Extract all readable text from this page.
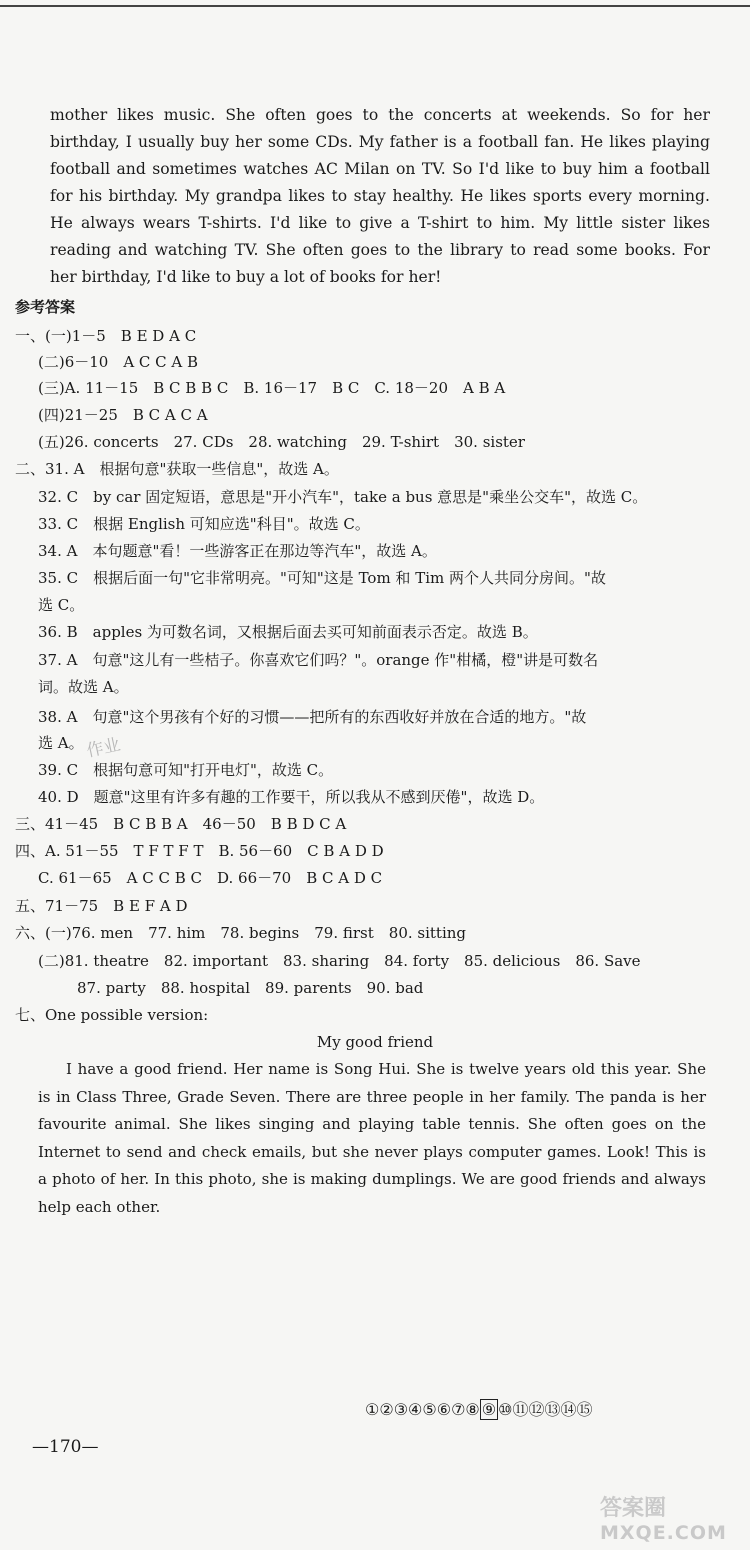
mother likes music. She often goes to the concerts at weekends. So for her birthday, I usually buy her some CDs. My father is a football fan. He likes playing football and sometimes watches AC Milan on TV. So I'd like to buy him a football for his birthday. My grandpa likes to stay healthy. He likes sports every morning. He always wears T-shirts. I'd like to give a T-shirt to him. My little sister likes reading and watching TV. She often goes to the library to read some books. For her birthday, I'd like to buy a lot of books for her!

参考答案
一、(一)1－5　B E D A C
(二)6－10　A C C A B
(三)A. 11－15　B C B B C　B. 16－17　B C　C. 18－20　A B A
(四)21－25　B C A C A
(五)26. concerts　27. CDs　28. watching　29. T-shirt　30. sister
二、31. A　根据句意"获取一些信息"，故选 A。
32. C　by car 固定短语，意思是"开小汽车"，take a bus 意思是"乘坐公交车"，故选 C。
33. C　根据 English 可知应选"科目"。故选 C。
34. A　本句题意"看！一些游客正在那边等汽车"，故选 A。
35. C　根据后面一句"它非常明亮。"可知"这是 Tom 和 Tim 两个人共同分房间。"故
选 C。
36. B　apples 为可数名词，又根据后面去买可知前面表示否定。故选 B。
37. A　句意"这儿有一些桔子。你喜欢它们吗？"。orange 作"柑橘，橙"讲是可数名
词。故选 A。
38. A　句意"这个男孩有个好的习惯——把所有的东西收好并放在合适的地方。"故
选 A。
39. C　根据句意可知"打开电灯"，故选 C。
40. D　题意"这里有许多有趣的工作要干，所以我从不感到厌倦"，故选 D。
三、41－45　B C B B A　46－50　B B D C A
四、A. 51－55　T F T F T　B. 56－60　C B A D D
C. 61－65　A C C B C　D. 66－70　B C A D C
五、71－75　B E F A D
六、(一)76. men　77. him　78. begins　79. first　80. sitting
(二)81. theatre　82. important　83. sharing　84. forty　85. delicious　86. Save
87. party　88. hospital　89. parents　90. bad
七、One possible version:
My good friend

I have a good friend. Her name is Song Hui. She is twelve years old this year. She is in Class Three, Grade Seven. There are three people in her family. The panda is her favourite animal. She likes singing and playing table tennis. She often goes on the Internet to send and check emails, but she never plays computer games. Look! This is a photo of her. In this photo, she is making dumplings. We are good friends and always help each other.

作业
①②③④⑤⑥⑦⑧ ⑨ ⑩⑪⑫⑬⑭⑮
—170—
答案圈
MXQE.COM
